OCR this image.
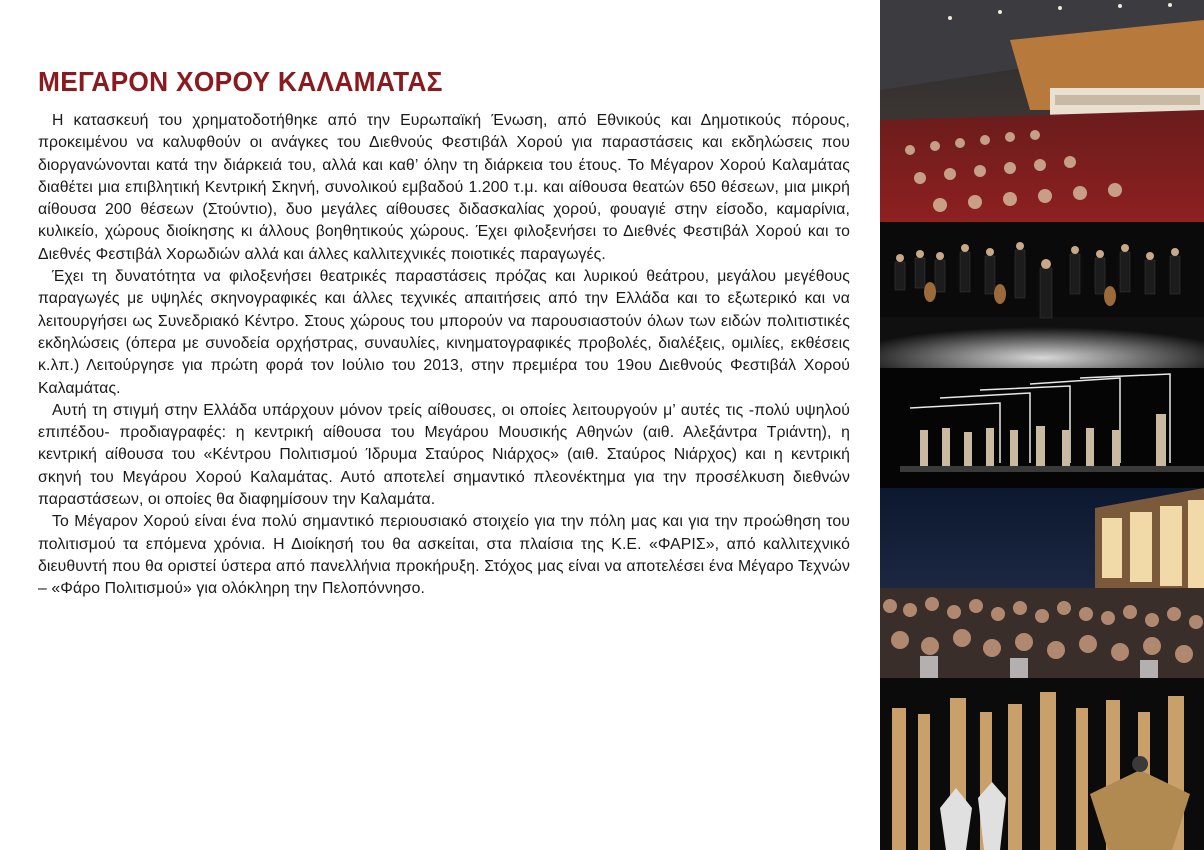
ΜΕΓΑΡΟΝ ΧΟΡΟΥ ΚΑΛΑΜΑΤΑΣ

Η κατασκευή του χρηματοδοτήθηκε από την Ευρωπαϊκή Ένωση, από Εθνικούς και Δημοτικούς πόρους, προκειμένου να καλυφθούν οι ανάγκες του Διεθνούς Φεστιβάλ Χορού για παραστάσεις και εκδηλώσεις που διοργανώνονται κατά την διάρκειά του, αλλά και καθ’ όλην τη διάρκεια του έτους. Το Μέγαρον Χορού Καλαμάτας διαθέτει μια επιβλητική Κεντρική Σκηνή, συνολικού εμβαδού 1.200 τ.μ. και αίθουσα θεατών 650 θέσεων, μια μικρή αίθουσα 200 θέσεων (Στούντιο), δυο μεγάλες αίθουσες διδασκαλίας χορού, φουαγιέ στην είσοδο, καμαρίνια, κυλικείο, χώρους διοίκησης κι άλλους βοηθητικούς χώρους. Έχει φιλοξενήσει το Διεθνές Φεστιβάλ Χορού και το Διεθνές Φεστιβάλ Χορωδιών αλλά και άλλες καλλιτεχνικές ποιοτικές παραγωγές.

Έχει τη δυνατότητα να φιλοξενήσει θεατρικές παραστάσεις πρόζας και λυρικού θεάτρου, μεγάλου μεγέθους παραγωγές με υψηλές σκηνογραφικές και άλλες τεχνικές απαιτήσεις από την Ελλάδα και το εξωτερικό και να λειτουργήσει ως Συνεδριακό Κέντρο. Στους χώρους του μπορούν να παρουσιαστούν όλων των ειδών πολιτιστικές εκδηλώσεις (όπερα με συνοδεία ορχήστρας, συναυλίες, κινηματογραφικές προβολές, διαλέξεις, ομιλίες, εκθέσεις κ.λπ.) Λειτούργησε για πρώτη φορά τον Ιούλιο του 2013, στην πρεμιέρα του 19ου Διεθνούς Φεστιβάλ Χορού Καλαμάτας.

Αυτή τη στιγμή στην Ελλάδα υπάρχουν μόνον τρείς αίθουσες, οι οποίες λειτουργούν μ’ αυτές τις -πολύ υψηλού επιπέδου- προδιαγραφές: η κεντρική αίθουσα του Μεγάρου Μουσικής Αθηνών (αιθ. Αλεξάντρα Τριάντη), η κεντρική αίθουσα του «Κέντρου Πολιτισμού Ίδρυμα Σταύρος Νιάρχος» (αιθ. Σταύρος Νιάρχος) και η κεντρική σκηνή του Μεγάρου Χορού Καλαμάτας. Αυτό αποτελεί σημαντικό πλεονέκτημα για την προσέλκυση διεθνών παραστάσεων, οι οποίες θα διαφημίσουν την Καλαμάτα.

Το Μέγαρον Χορού είναι ένα πολύ σημαντικό περιουσιακό στοιχείο για την πόλη μας και για την προώθηση του πολιτισμού τα επόμενα χρόνια. Η Διοίκησή του θα ασκείται, στα πλαίσια της Κ.Ε. «ΦΑΡΙΣ», από καλλιτεχνικό διευθυντή που θα οριστεί ύστερα από πανελλήνια προκήρυξη. Στόχος μας είναι να αποτελέσει ένα Μέγαρο Τεχνών – «Φάρο Πολιτισμού» για ολόκληρη την Πελοπόννησο.
